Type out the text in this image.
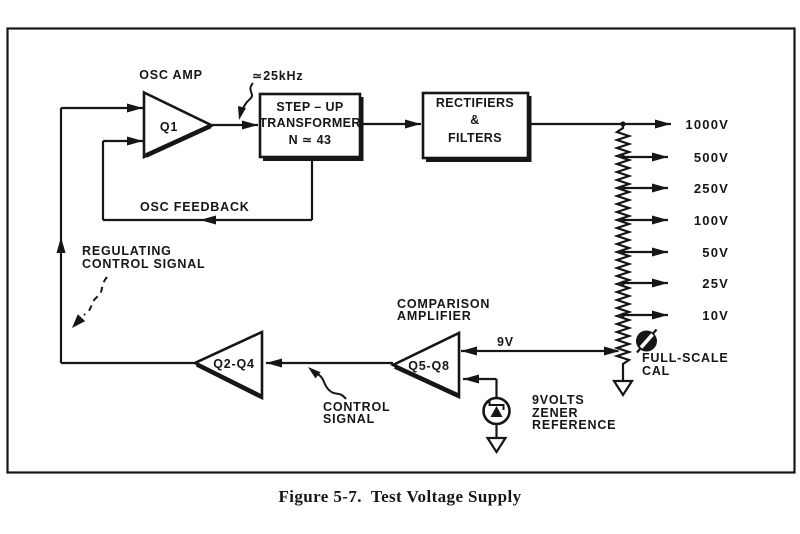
OSC AMP
Q1
≃25kHz
STEP – UP
TRANSFORMER
N ≃ 43
RECTIFIERS
&
FILTERS
OSC FEEDBACK
REGULATING
CONTROL SIGNAL
Q2-Q4
CONTROL
SIGNAL
COMPARISON
AMPLIFIER
Q5-Q8
9V
9VOLTS
ZENER
REFERENCE
FULL-SCALE
CAL
1000V
500V
250V
100V
50V
25V
10V
Figure 5-7.  Test Voltage Supply
